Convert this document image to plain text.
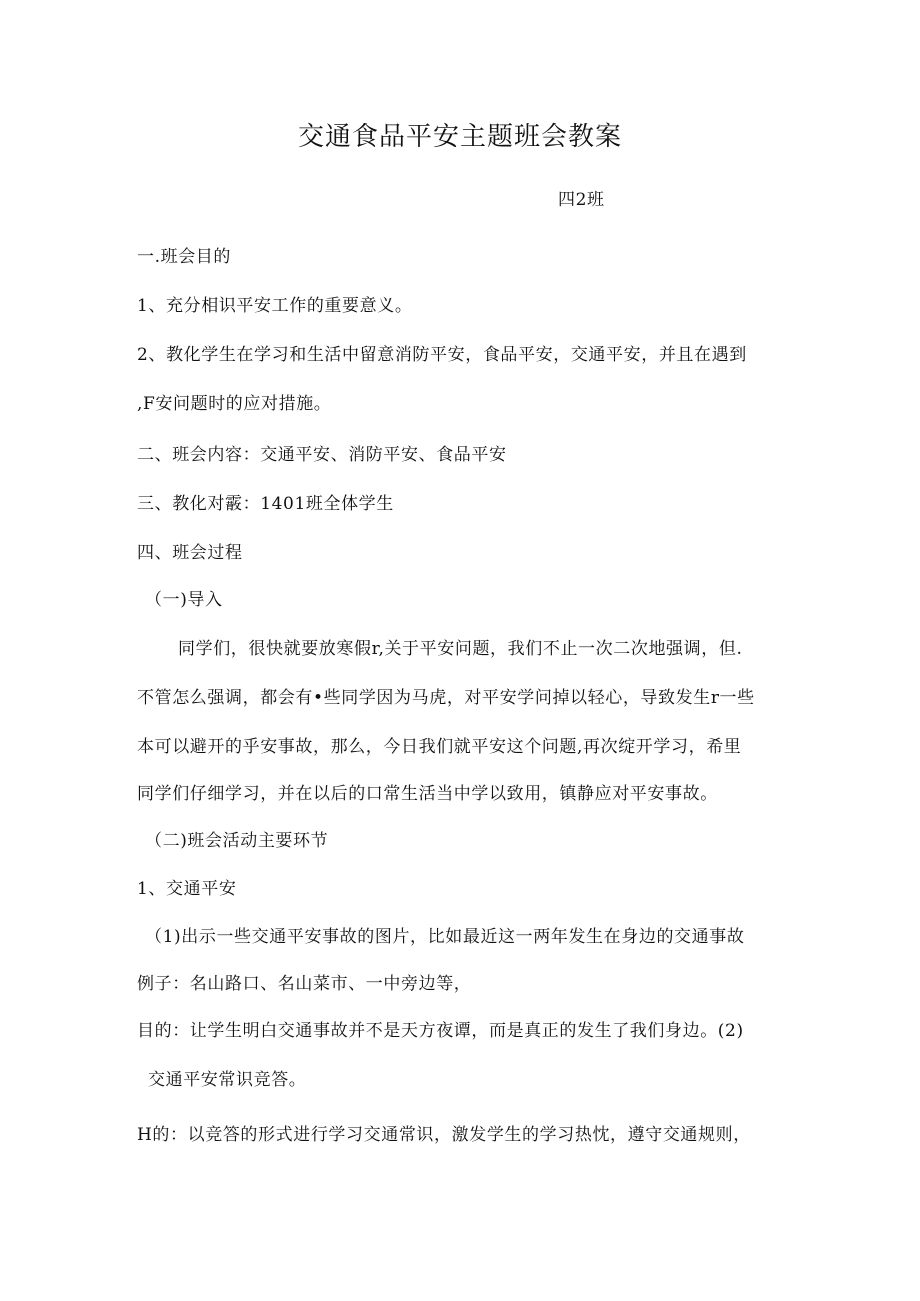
交通食品平安主题班会教案
四2班
一.班会目的
1、充分相识平安工作的重要意义。
2、教化学生在学习和生活中留意消防平安，食品平安，交通平安，并且在遇到
,F安问题时的应对措施。
二、班会内容：交通平安、消防平安、食品平安
三、教化对霰：1401班全体学生
四、班会过程
（一)导入
同学们，很快就要放寒假r,关于平安问题，我们不止一次二次地强调，但.
不管怎么强调，都会有•些同学因为马虎，对平安学问掉以轻心，导致发生r一些
本可以避开的乎安事故，那么，今日我们就平安这个问题,再次绽开学习，希里
同学们仔细学习，并在以后的口常生活当中学以致用，镇静应对平安事故。
（二)班会活动主要环节
1、交通平安
（1)出示一些交通平安事故的图片，比如最近这一两年发生在身边的交通事故
例子：名山路口、名山菜市、一中旁边等，
目的：让学生明白交通事故并不是天方夜谭，而是真正的发生了我们身边。(2)
交通平安常识竞答。
H的：以竞答的形式进行学习交通常识，激发学生的学习热忱，遵守交通规则，
